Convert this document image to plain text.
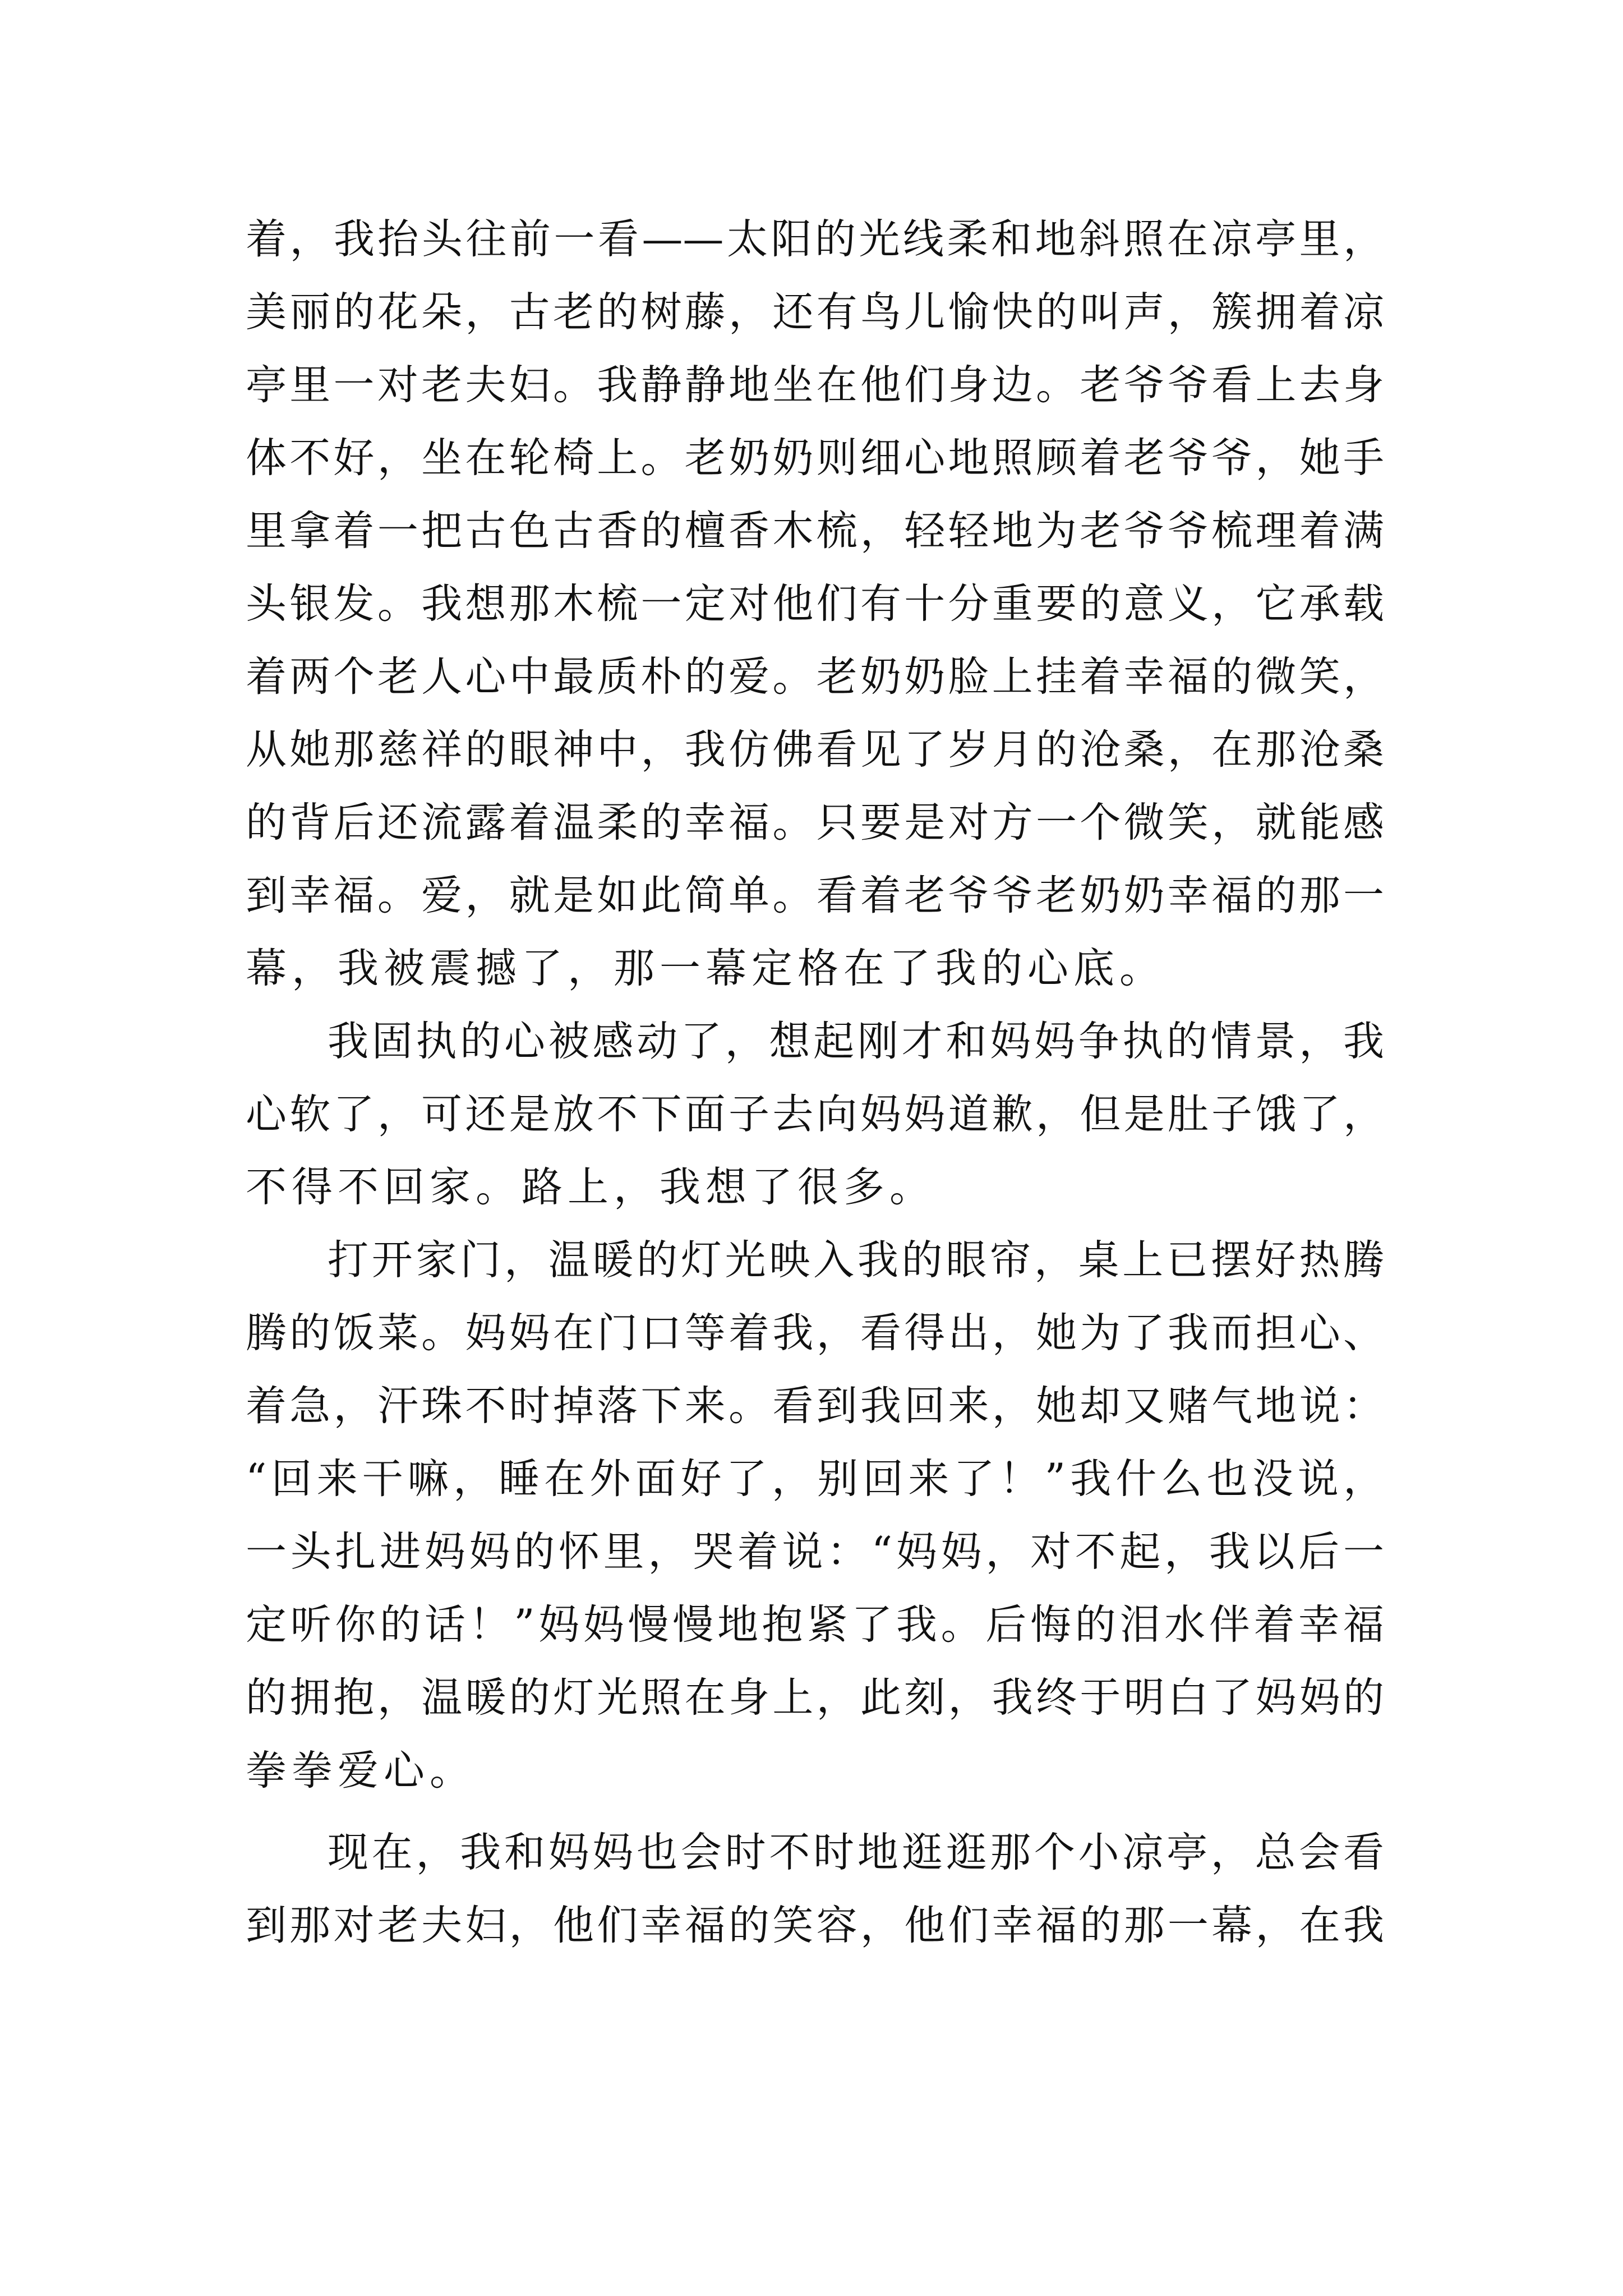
着，我抬头往前一看——太阳的光线柔和地斜照在凉亭里，
美丽的花朵，古老的树藤，还有鸟儿愉快的叫声，簇拥着凉
亭里一对老夫妇。我静静地坐在他们身边。老爷爷看上去身
体不好，坐在轮椅上。老奶奶则细心地照顾着老爷爷，她手
里拿着一把古色古香的檀香木梳，轻轻地为老爷爷梳理着满
头银发。我想那木梳一定对他们有十分重要的意义，它承载
着两个老人心中最质朴的爱。老奶奶脸上挂着幸福的微笑，
从她那慈祥的眼神中，我仿佛看见了岁月的沧桑，在那沧桑
的背后还流露着温柔的幸福。只要是对方一个微笑，就能感
到幸福。爱，就是如此简单。看着老爷爷老奶奶幸福的那一
幕，我被震撼了，那一幕定格在了我的心底。
我固执的心被感动了，想起刚才和妈妈争执的情景，我
心软了，可还是放不下面子去向妈妈道歉，但是肚子饿了，
不得不回家。路上，我想了很多。
打开家门，温暖的灯光映入我的眼帘，桌上已摆好热腾
腾的饭菜。妈妈在门口等着我，看得出，她为了我而担心、
着急，汗珠不时掉落下来。看到我回来，她却又赌气地说：
“回来干嘛，睡在外面好了，别回来了！”我什么也没说，
一头扎进妈妈的怀里，哭着说：“妈妈，对不起，我以后一
定听你的话！”妈妈慢慢地抱紧了我。后悔的泪水伴着幸福
的拥抱，温暖的灯光照在身上，此刻，我终于明白了妈妈的
拳拳爱心。
现在，我和妈妈也会时不时地逛逛那个小凉亭，总会看
到那对老夫妇，他们幸福的笑容，他们幸福的那一幕，在我
